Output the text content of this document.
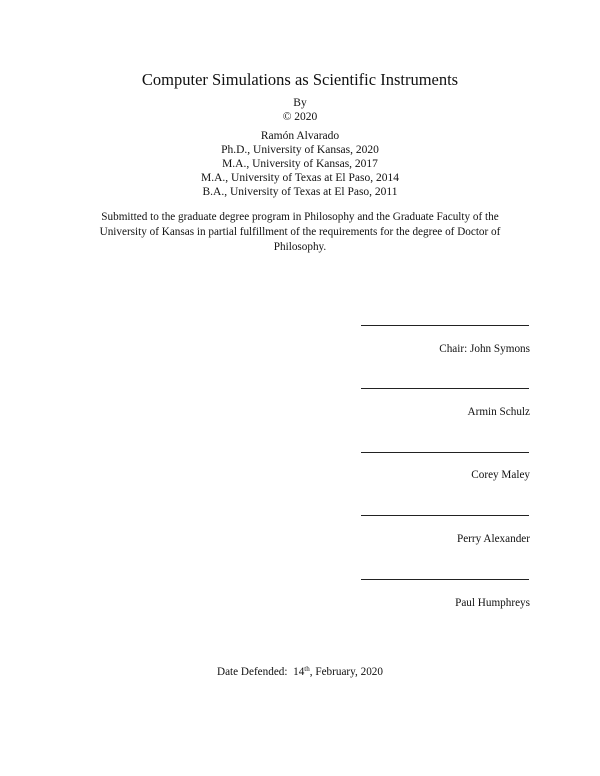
Computer Simulations as Scientific Instruments
By
© 2020
Ramón Alvarado
Ph.D., University of Kansas, 2020
M.A., University of Kansas, 2017
M.A., University of Texas at El Paso, 2014
B.A., University of Texas at El Paso, 2011
Submitted to the graduate degree program in Philosophy and the Graduate Faculty of the University of Kansas in partial fulfillment of the requirements for the degree of Doctor of Philosophy.
Chair: John Symons
Armin Schulz
Corey Maley
Perry Alexander
Paul Humphreys
Date Defended: 14th, February, 2020
